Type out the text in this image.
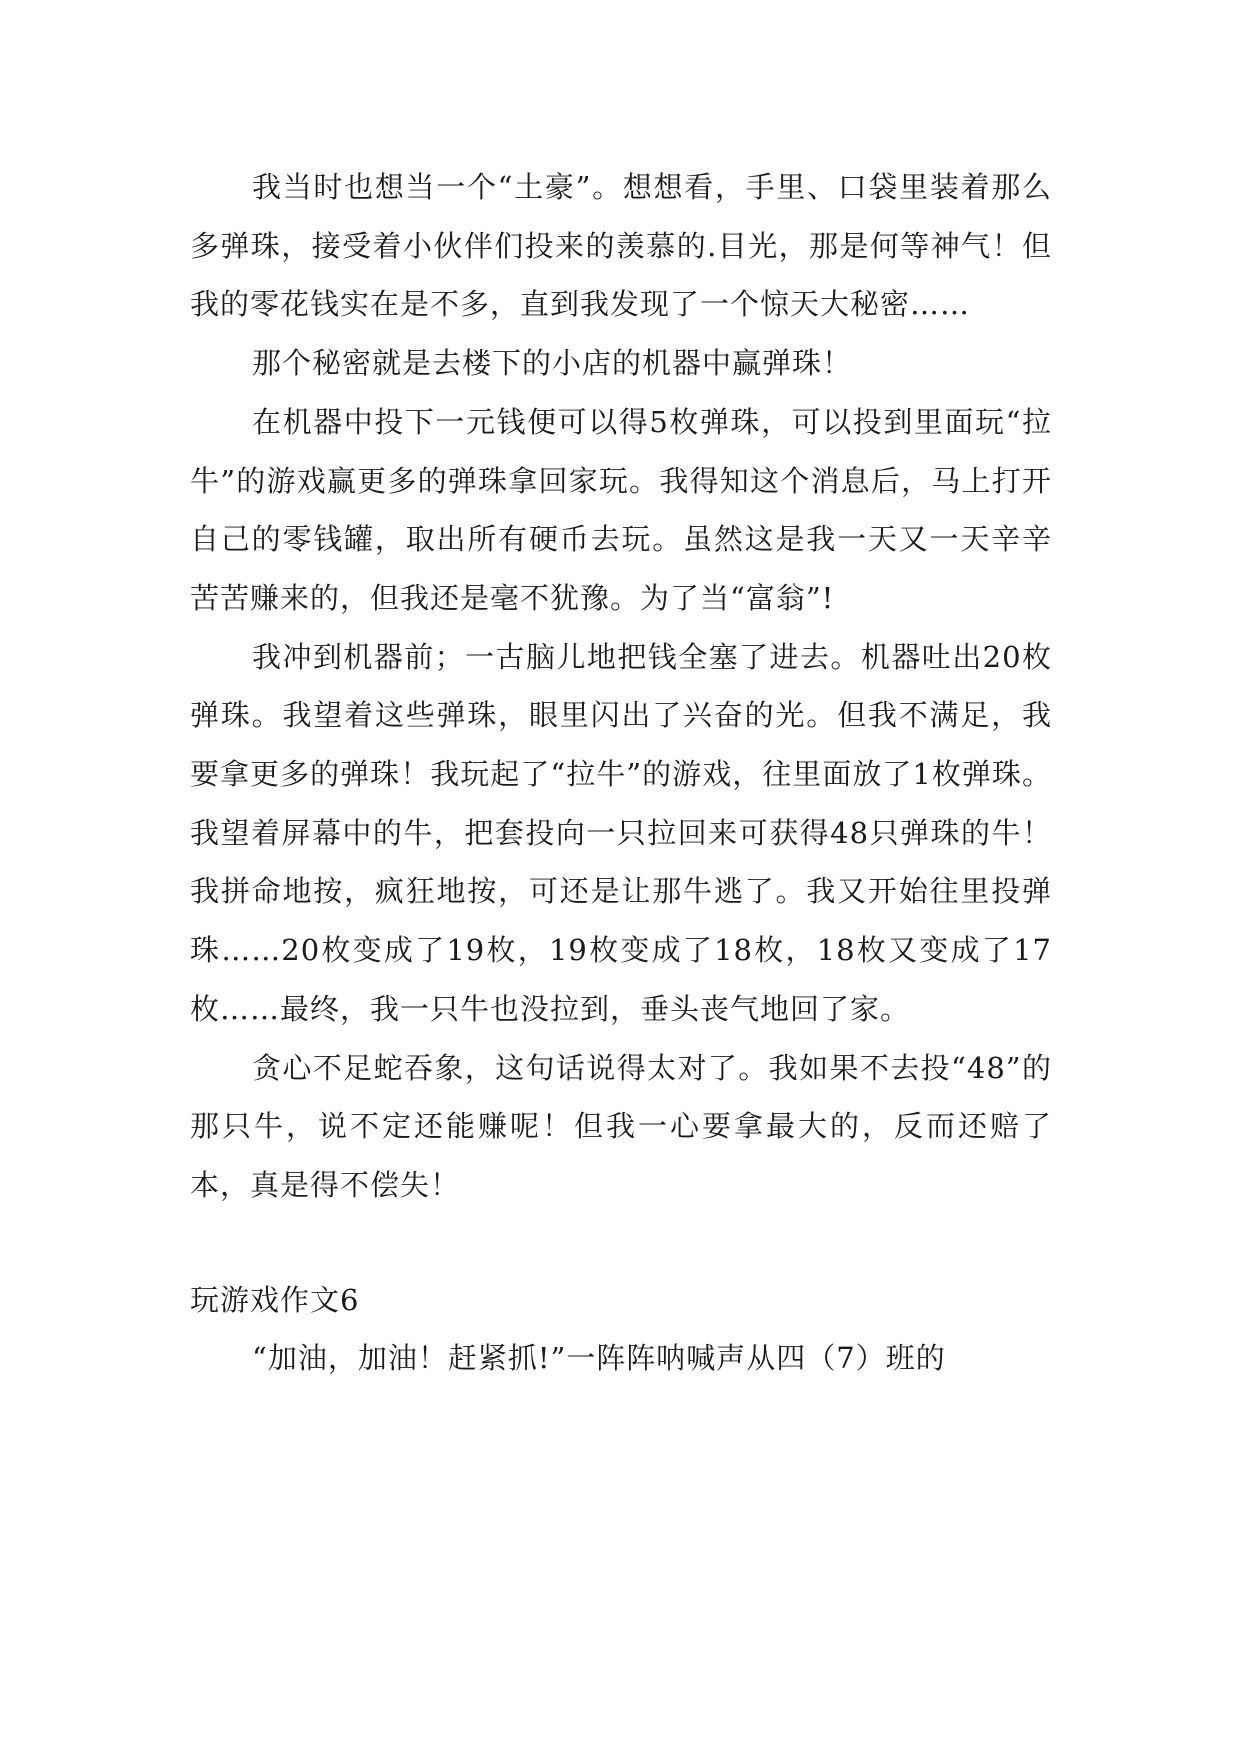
我当时也想当一个“土豪”。想想看，手里、口袋里装着那么多弹珠，接受着小伙伴们投来的羡慕的.目光，那是何等神气！但我的零花钱实在是不多，直到我发现了一个惊天大秘密……

那个秘密就是去楼下的小店的机器中赢弹珠！

在机器中投下一元钱便可以得5枚弹珠，可以投到里面玩“拉牛”的游戏赢更多的弹珠拿回家玩。我得知这个消息后，马上打开自己的零钱罐，取出所有硬币去玩。虽然这是我一天又一天辛辛苦苦赚来的，但我还是毫不犹豫。为了当“富翁”!

我冲到机器前；一古脑儿地把钱全塞了进去。机器吐出20枚弹珠。我望着这些弹珠，眼里闪出了兴奋的光。但我不满足，我要拿更多的弹珠！我玩起了“拉牛”的游戏，往里面放了1枚弹珠。我望着屏幕中的牛，把套投向一只拉回来可获得48只弹珠的牛！我拼命地按，疯狂地按，可还是让那牛逃了。我又开始往里投弹珠……20枚变成了19枚，19枚变成了18枚，18枚又变成了17枚……最终，我一只牛也没拉到，垂头丧气地回了家。

贪心不足蛇吞象，这句话说得太对了。我如果不去投“48”的那只牛，说不定还能赚呢！但我一心要拿最大的，反而还赔了本，真是得不偿失！

玩游戏作文6

“加油，加油！赶紧抓!”一阵阵呐喊声从四（7）班的
